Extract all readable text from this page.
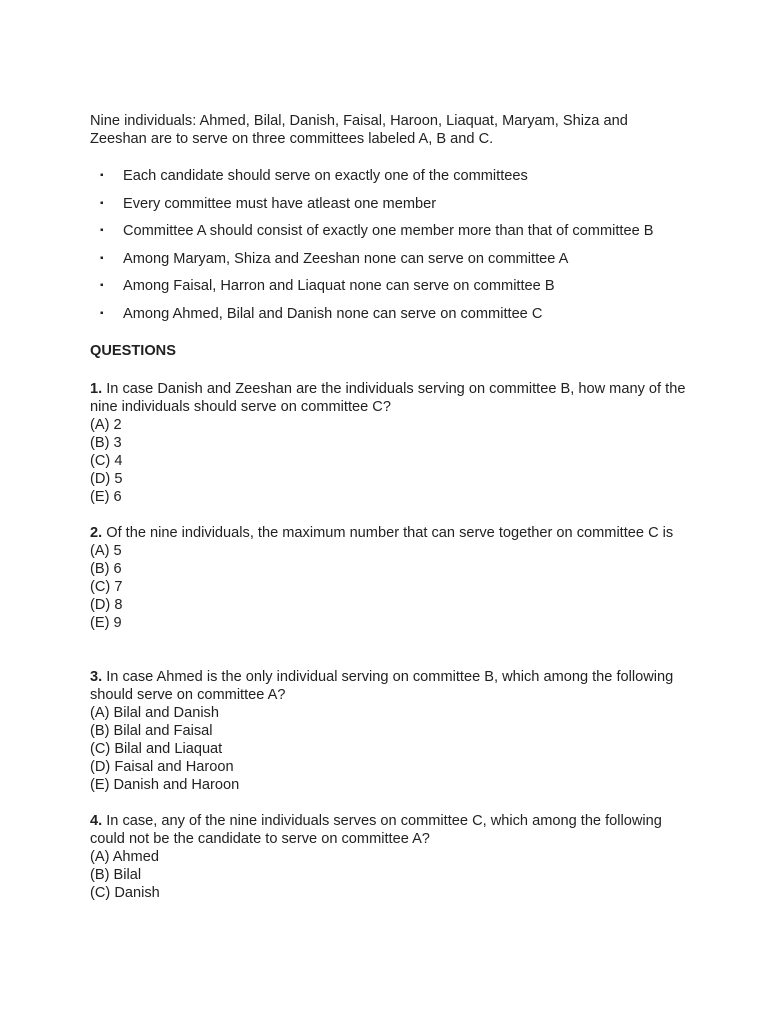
Nine individuals: Ahmed, Bilal, Danish, Faisal, Haroon, Liaquat, Maryam, Shiza and Zeeshan are to serve on three committees labeled A, B and C.

▪ Each candidate should serve on exactly one of the committees
▪ Every committee must have atleast one member
▪ Committee A should consist of exactly one member more than that of committee B
▪ Among Maryam, Shiza and Zeeshan none can serve on committee A
▪ Among Faisal, Harron and Liaquat none can serve on committee B
▪ Among Ahmed, Bilal and Danish none can serve on committee C

QUESTIONS

1. In case Danish and Zeeshan are the individuals serving on committee B, how many of the nine individuals should serve on committee C?

(A) 2

(B) 3

(C) 4

(D) 5

(E) 6

2. Of the nine individuals, the maximum number that can serve together on committee C is

(A) 5

(B) 6

(C) 7

(D) 8

(E) 9

3. In case Ahmed is the only individual serving on committee B, which among the following should serve on committee A?

(A) Bilal and Danish

(B) Bilal and Faisal

(C) Bilal and Liaquat

(D) Faisal and Haroon

(E) Danish and Haroon

4. In case, any of the nine individuals serves on committee C, which among the following could not be the candidate to serve on committee A?

(A) Ahmed

(B) Bilal

(C) Danish
